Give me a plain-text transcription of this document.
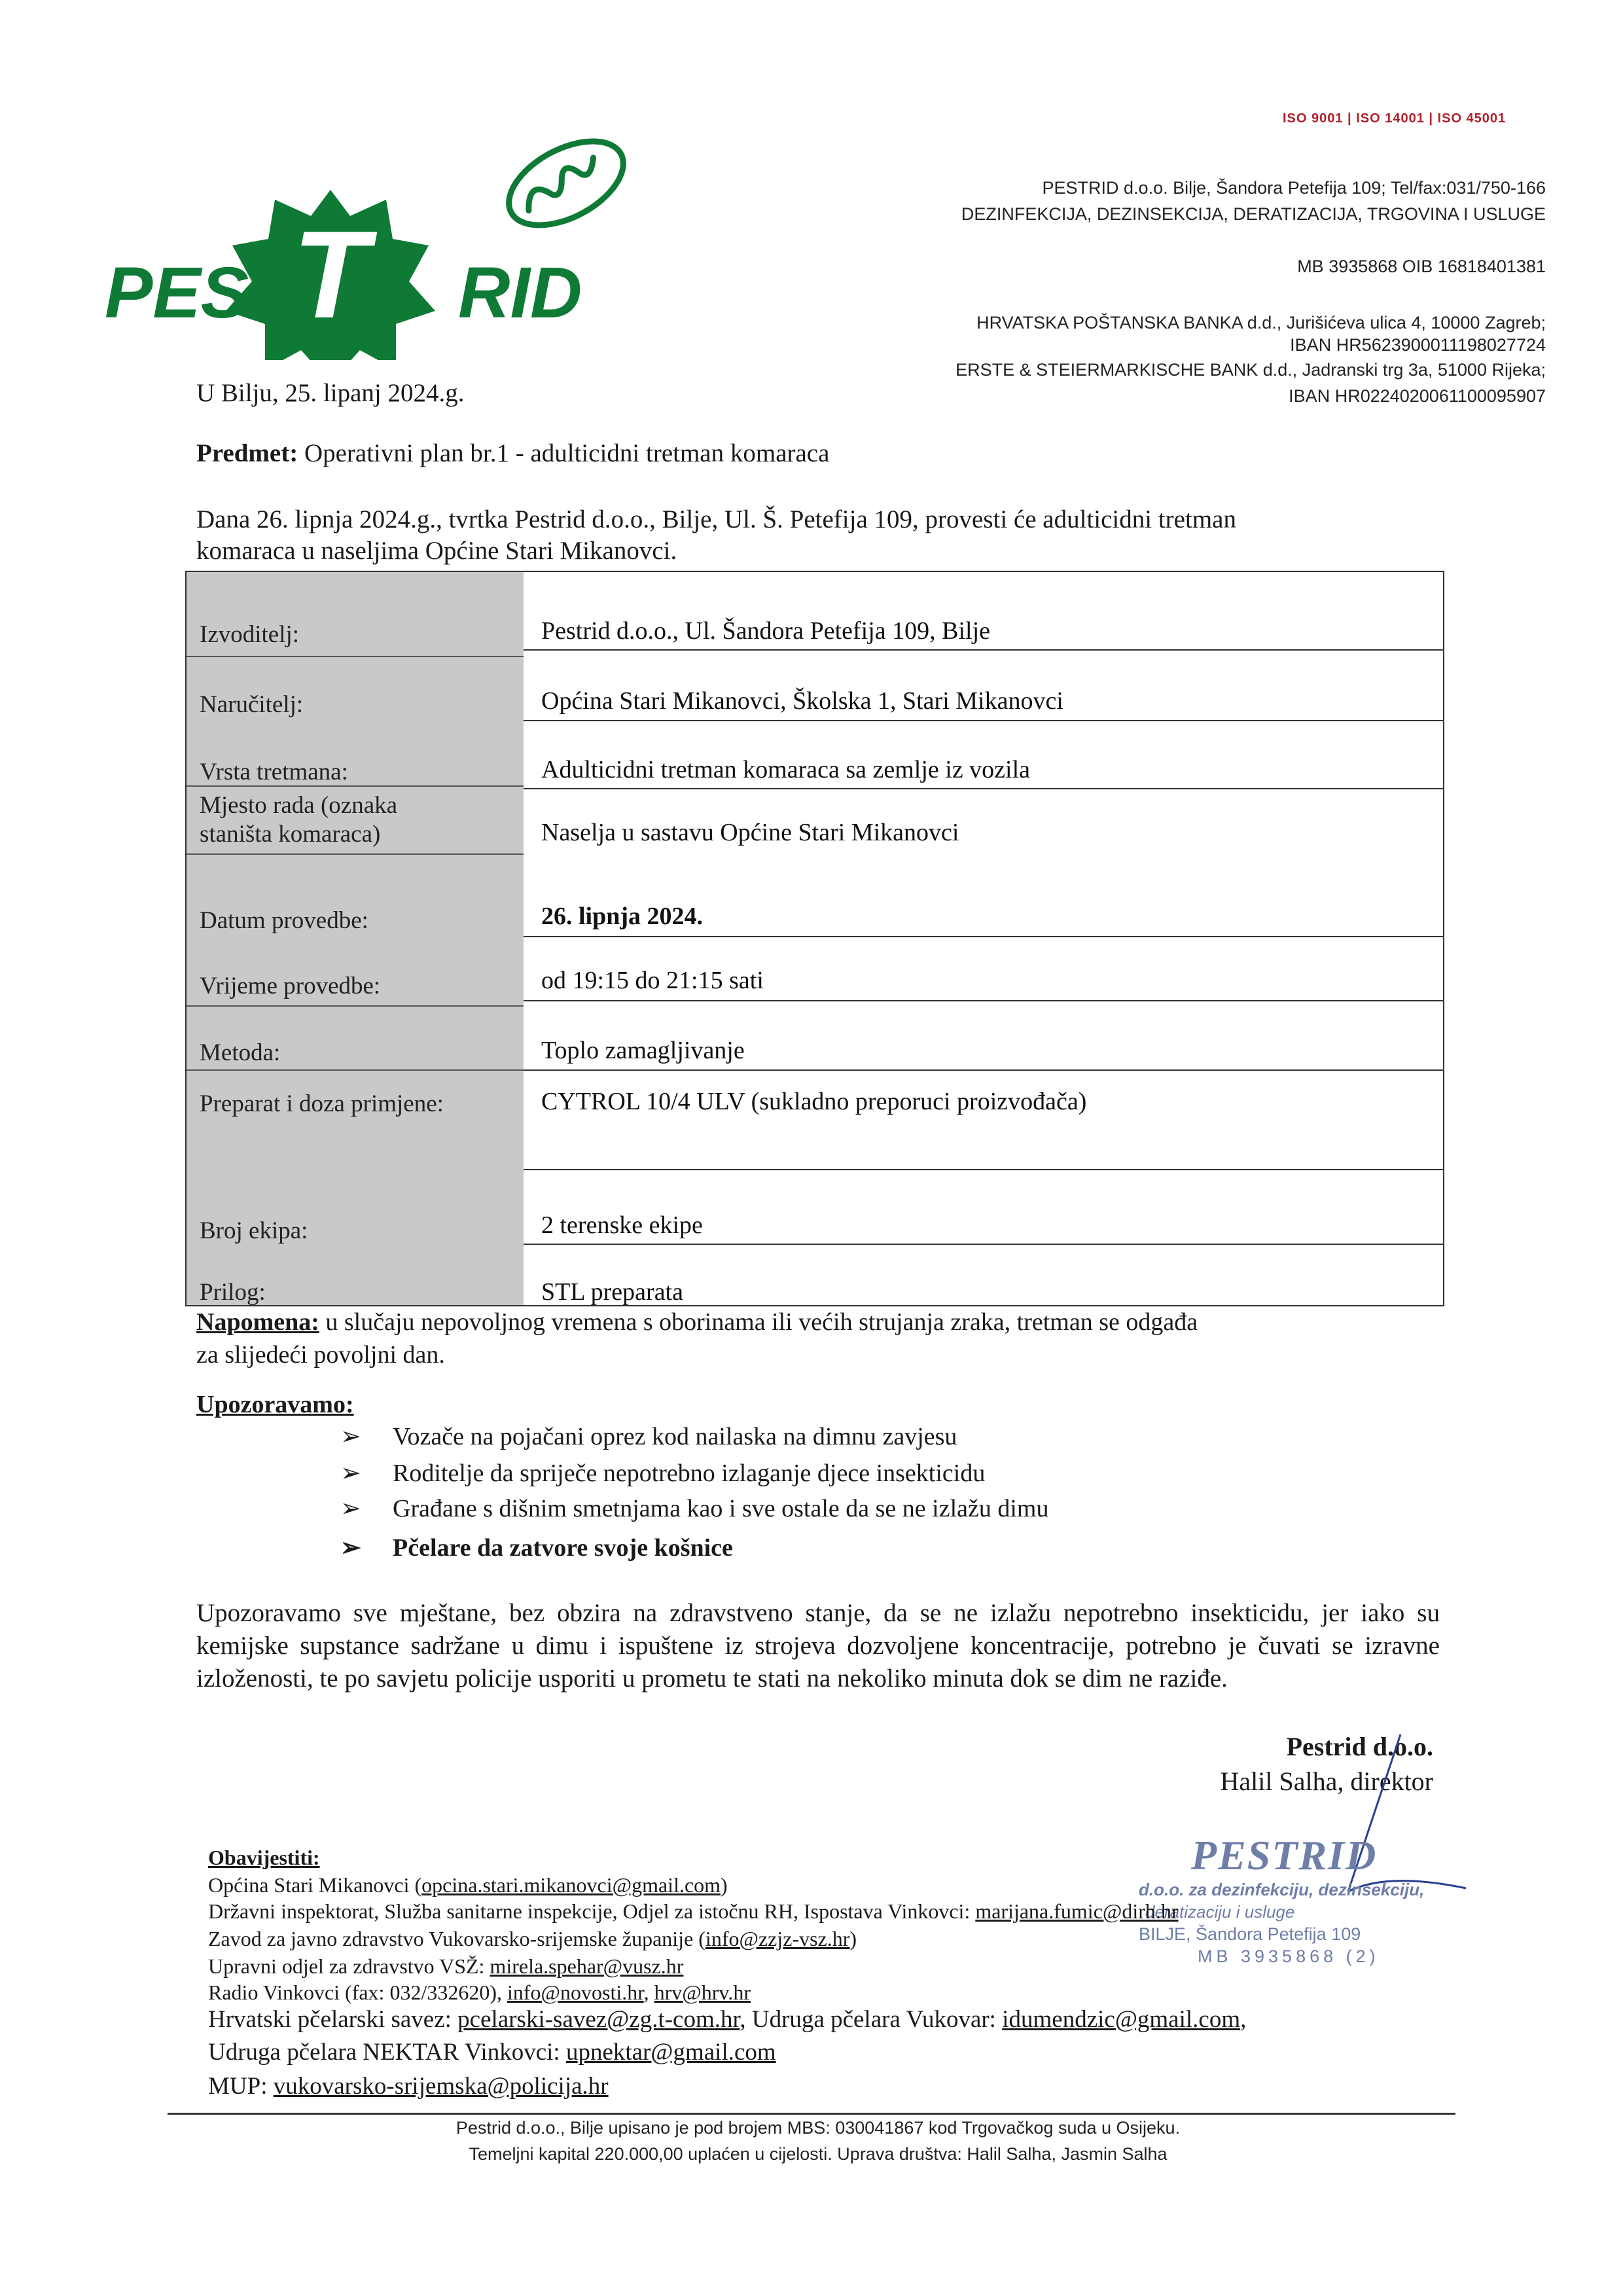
T
PES	RID
ISO 9001 | ISO 14001 | ISO 45001
PESTRID d.o.o. Bilje, Šandora Petefija 109; Tel/fax:031/750-166
DEZINFEKCIJA, DEZINSEKCIJA, DERATIZACIJA, TRGOVINA I USLUGE
MB 3935868 OIB 16818401381
HRVATSKA POŠTANSKA BANKA d.d., Jurišićeva ulica 4, 10000 Zagreb;
IBAN HR5623900011198027724
ERSTE & STEIERMARKISCHE BANK d.d., Jadranski trg 3a, 51000 Rijeka;
IBAN HR0224020061100095907
U Bilju, 25. lipanj 2024.g.
Predmet: Operativni plan br.1 - adulticidni tretman komaraca
Dana 26. lipnja 2024.g., tvrtka Pestrid d.o.o., Bilje, Ul. Š. Petefija 109, provesti će adulticidni tretman
komaraca u naseljima Općine Stari Mikanovci.
Izvoditelj:	Pestrid d.o.o., Ul. Šandora Petefija 109, Bilje
Naručitelj:	Općina Stari Mikanovci, Školska 1, Stari Mikanovci
Vrsta tretmana:	Adulticidni tretman komaraca sa zemlje iz vozila
Mjesto rada (oznaka
staništa komaraca)	Naselja u sastavu Općine Stari Mikanovci
Datum provedbe:	26. lipnja 2024.
Vrijeme provedbe:	od 19:15 do 21:15 sati
Metoda:	Toplo zamagljivanje
Preparat i doza primjene:	CYTROL 10/4 ULV (sukladno preporuci proizvođača)
Broj ekipa:	2 terenske ekipe
Prilog:	STL preparata
Napomena: u slučaju nepovoljnog vremena s oborinama ili većih strujanja zraka, tretman se odgađa
za slijedeći povoljni dan.
Upozoravamo:
➢ Vozače na pojačani oprez kod nailaska na dimnu zavjesu
➢ Roditelje da spriječe nepotrebno izlaganje djece insekticidu
➢ Građane s dišnim smetnjama kao i sve ostale da se ne izlažu dimu
➢ Pčelare da zatvore svoje košnice
Upozoravamo sve mještane, bez obzira na zdravstveno stanje, da se ne izlažu nepotrebno insekticidu, jer iako su kemijske supstance sadržane u dimu i ispuštene iz strojeva dozvoljene koncentracije, potrebno je čuvati se izravne izloženosti, te po savjetu policije usporiti u prometu te stati na nekoliko minuta dok se dim ne raziđe.
Pestrid d.o.o.
Halil Salha, direktor
PESTRID
d.o.o. za dezinfekciju, dezinsekciju,
deratizaciju i usluge
BILJE, Šandora Petefija 109
MB 3935868 (2)
Obavijestiti:
Općina Stari Mikanovci (opcina.stari.mikanovci@gmail.com)
Državni inspektorat, Služba sanitarne inspekcije, Odjel za istočnu RH, Ispostava Vinkovci: marijana.fumic@dirh.hr
Zavod za javno zdravstvo Vukovarsko-srijemske županije (info@zzjz-vsz.hr)
Upravni odjel za zdravstvo VSŽ: mirela.spehar@vusz.hr
Radio Vinkovci (fax: 032/332620), info@novosti.hr, hrv@hrv.hr
Hrvatski pčelarski savez: pcelarski-savez@zg.t-com.hr, Udruga pčelara Vukovar: idumendzic@gmail.com,
Udruga pčelara NEKTAR Vinkovci: upnektar@gmail.com
MUP: vukovarsko-srijemska@policija.hr
Pestrid d.o.o., Bilje upisano je pod brojem MBS: 030041867 kod Trgovačkog suda u Osijeku.
Temeljni kapital 220.000,00 uplaćen u cijelosti. Uprava društva: Halil Salha, Jasmin Salha
